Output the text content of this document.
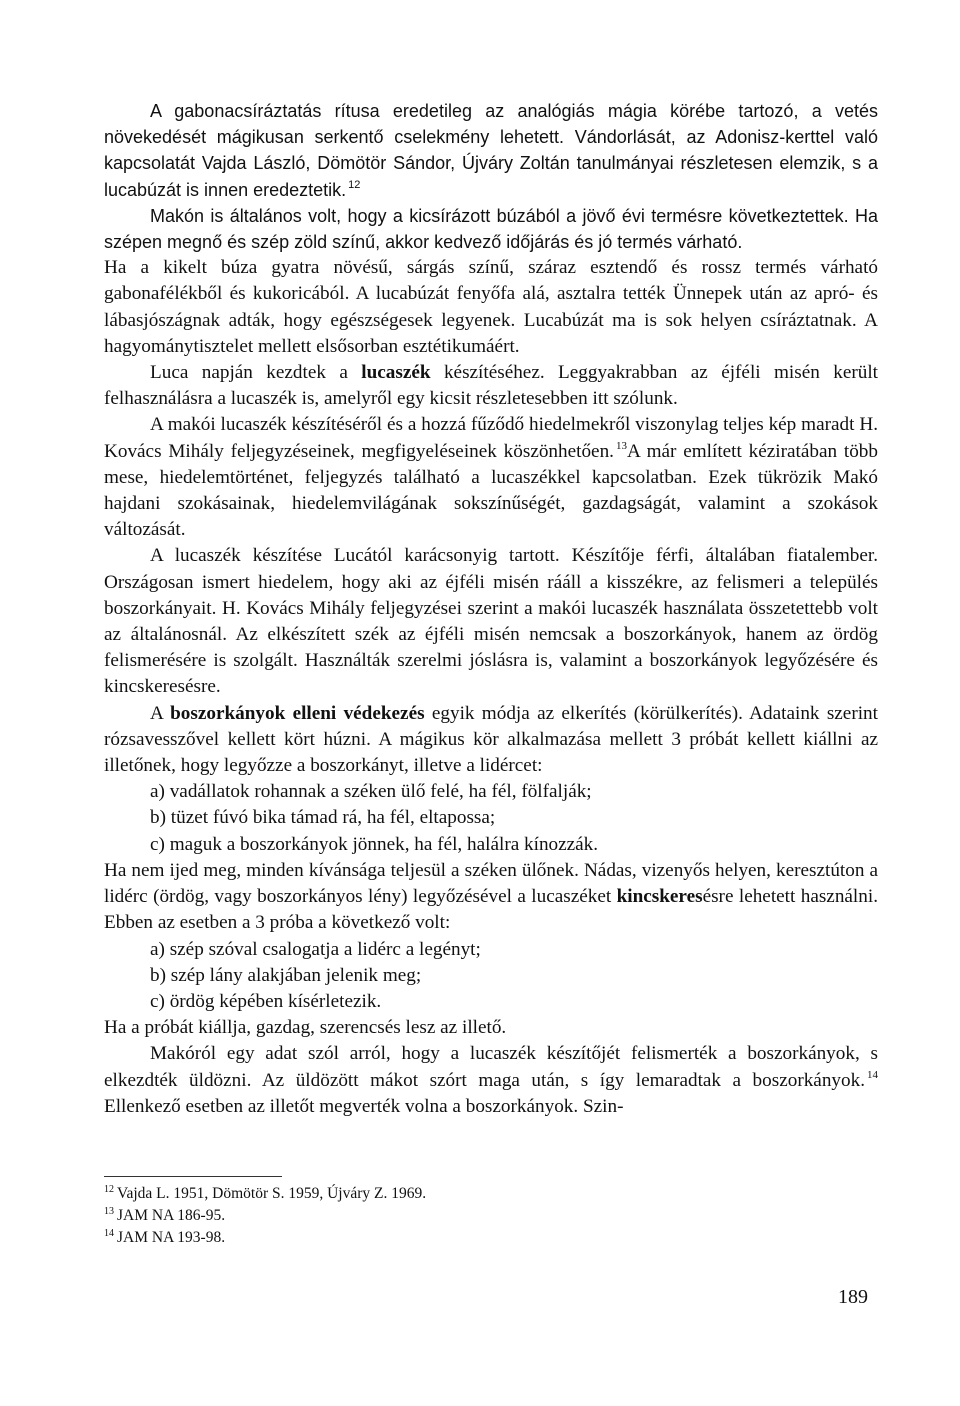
A gabonacsíráztatás rítusa eredetileg az analógiás mágia körébe tartozó, a vetés növekedését mágikusan serkentő cselekmény lehetett. Vándorlását, az Adonisz-kerttel való kapcsolatát Vajda László, Dömötör Sándor, Újváry Zoltán tanulmányai részletesen elemzik, s a lucabúzát is innen eredeztetik. $^{12}$

Makón is általános volt, hogy a kicsírázott búzából a jövő évi termésre következtettek. Ha szépen megnő és szép zöld színű, akkor kedvező időjárás és jó termés várható.

Ha a kikelt búza gyatra növésű, sárgás színű, száraz esztendő és rossz termés várható gabonafélékből és kukoricából. A lucabúzát fenyőfa alá, asztalra tették Ünnepek után az apró- és lábasjószágnak adták, hogy egészségesek legyenek. Lucabúzát ma is sok helyen csíráztatnak. A hagyománytisztelet mellett elsősorban esztétikumáért.

Luca napján kezdtek a lucaszék készítéséhez. Leggyakrabban az éjféli misén került felhasználásra a lucaszék is, amelyről egy kicsit részletesebben itt szólunk.

A makói lucaszék készítéséről és a hozzá fűződő hiedelmekről viszonylag teljes kép maradt H. Kovács Mihály feljegyzéseinek, megfigyeléseinek köszönhetően. $^{13}$A már említett kéziratában több mese, hiedelemtörténet, feljegyzés található a lucaszékkel kapcsolatban. Ezek tükrözik Makó hajdani szokásainak, hiedelemvilágának sokszínűségét, gazdagságát, valamint a szokások változását.

A lucaszék készítése Lucától karácsonyig tartott. Készítője férfi, általában fiatalember. Országosan ismert hiedelem, hogy aki az éjféli misén rááll a kisszékre, az felismeri a település boszorkányait. H. Kovács Mihály feljegyzései szerint a makói lucaszék használata összetettebb volt az általánosnál. Az elkészített szék az éjféli misén nemcsak a boszorkányok, hanem az ördög felismerésére is szolgált. Használták szerelmi jóslásra is, valamint a boszorkányok legyőzésére és kincskeresésre.

A boszorkányok elleni védekezés egyik módja az elkerítés (körülkerítés). Adataink szerint rózsavesszővel kellett kört húzni. A mágikus kör alkalmazása mellett 3 próbát kellett kiállni az illetőnek, hogy legyőzze a boszorkányt, illetve a lidércet:

a) vadállatok rohannak a széken ülő felé, ha fél, fölfalják;

b) tüzet fúvó bika támad rá, ha fél, eltapossa;

c) maguk a boszorkányok jönnek, ha fél, halálra kínozzák.

Ha nem ijed meg, minden kívánsága teljesül a széken ülőnek. Nádas, vizenyős helyen, keresztúton a lidérc (ördög, vagy boszorkányos lény) legyőzésével a lucaszéket kincskeresésre lehetett használni. Ebben az esetben a 3 próba a következő volt:

a) szép szóval csalogatja a lidérc a legényt;

b) szép lány alakjában jelenik meg;

c) ördög képében kísérletezik.

Ha a próbát kiállja, gazdag, szerencsés lesz az illető.

Makóról egy adat szól arról, hogy a lucaszék készítőjét felismerték a boszorkányok, s elkezdték üldözni. Az üldözött mákot szórt maga után, s így lemaradtak a boszorkányok. $^{14}$ Ellenkező esetben az illetőt megverték volna a boszorkányok. Szin-

$^{12}$ Vajda L. 1951, Dömötör S. 1959, Újváry Z. 1969.

$^{13}$ JAM NA 186-95.

$^{14}$ JAM NA 193-98.

189
